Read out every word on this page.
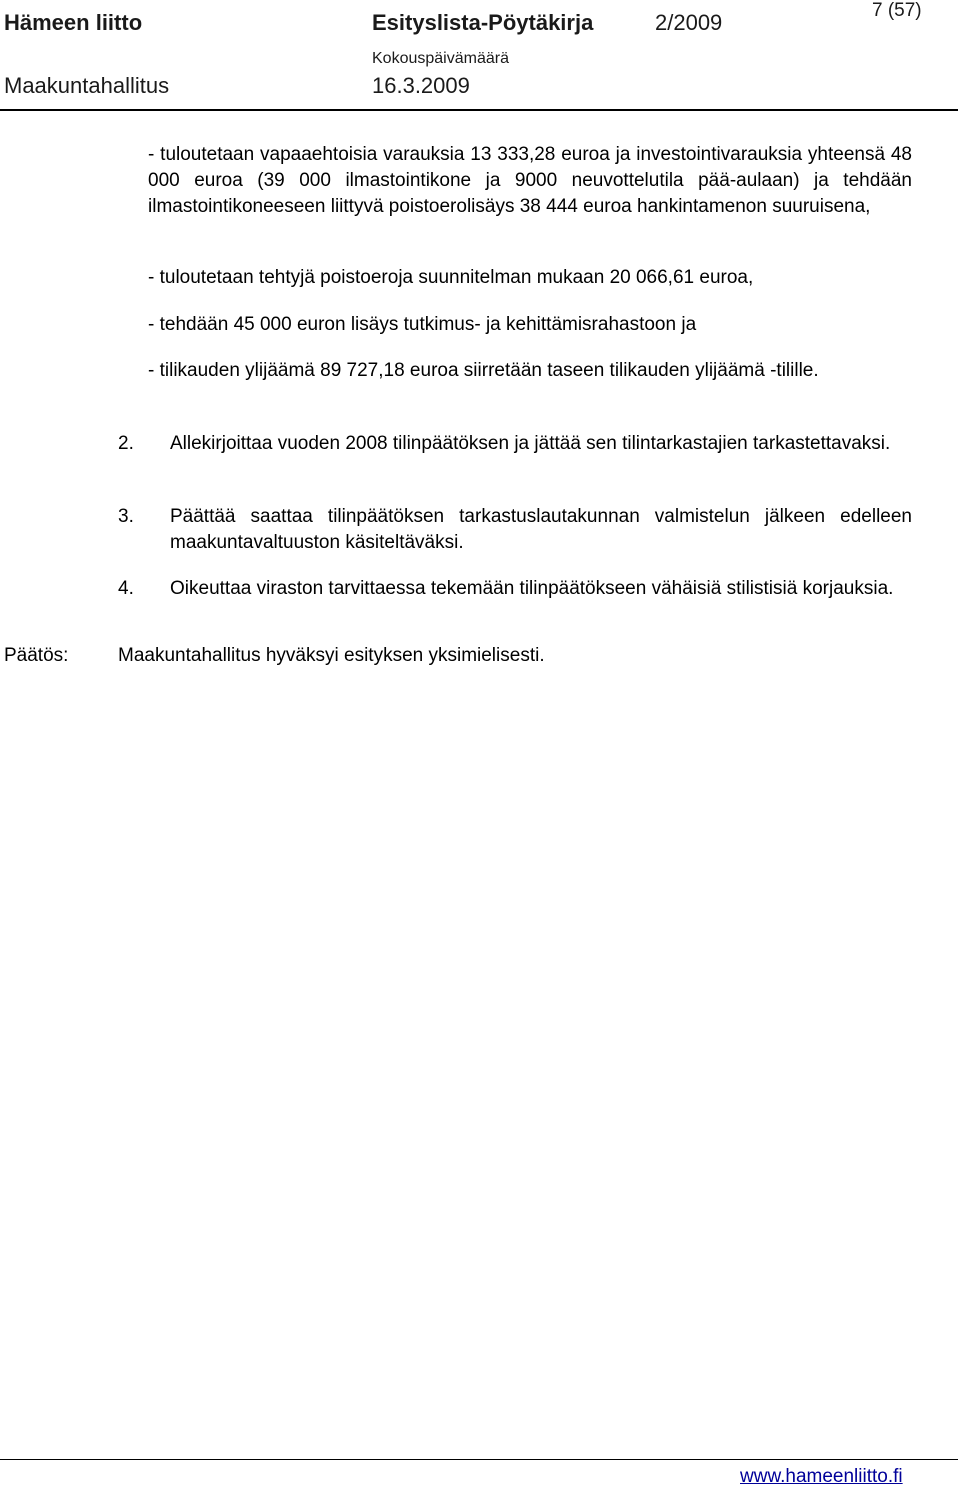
Hämeen liitto	Esityslista-Pöytäkirja	2/2009	7 (57)
Kokouspäivämäärä
Maakuntahallitus	16.3.2009
- tuloutetaan vapaaehtoisia varauksia 13 333,28 euroa ja investointivarauksia yhteensä 48 000 euroa (39 000 ilmastointikone ja 9000 neuvottelutila pää-aulaan) ja tehdään ilmastointikoneeseen liittyvä poistoerolisäys 38 444 euroa hankintamenon suuruisena,
- tuloutetaan tehtyjä poistoeroja suunnitelman mukaan 20 066,61 euroa,
- tehdään 45 000 euron lisäys tutkimus- ja kehittämisrahastoon ja
- tilikauden ylijäämä 89 727,18 euroa siirretään taseen tilikauden ylijäämä -tilille.
2. Allekirjoittaa vuoden 2008 tilinpäätöksen ja jättää sen tilintarkastajien tarkastettavaksi.
3. Päättää saattaa tilinpäätöksen tarkastuslautakunnan valmistelun jälkeen edelleen maakuntavaltuuston käsiteltäväksi.
4. Oikeuttaa viraston tarvittaessa tekemään tilinpäätökseen vähäisiä stilistisiä korjauksia.
Päätös:	Maakuntahallitus hyväksyi esityksen yksimielisesti.
www.hameenliitto.fi
